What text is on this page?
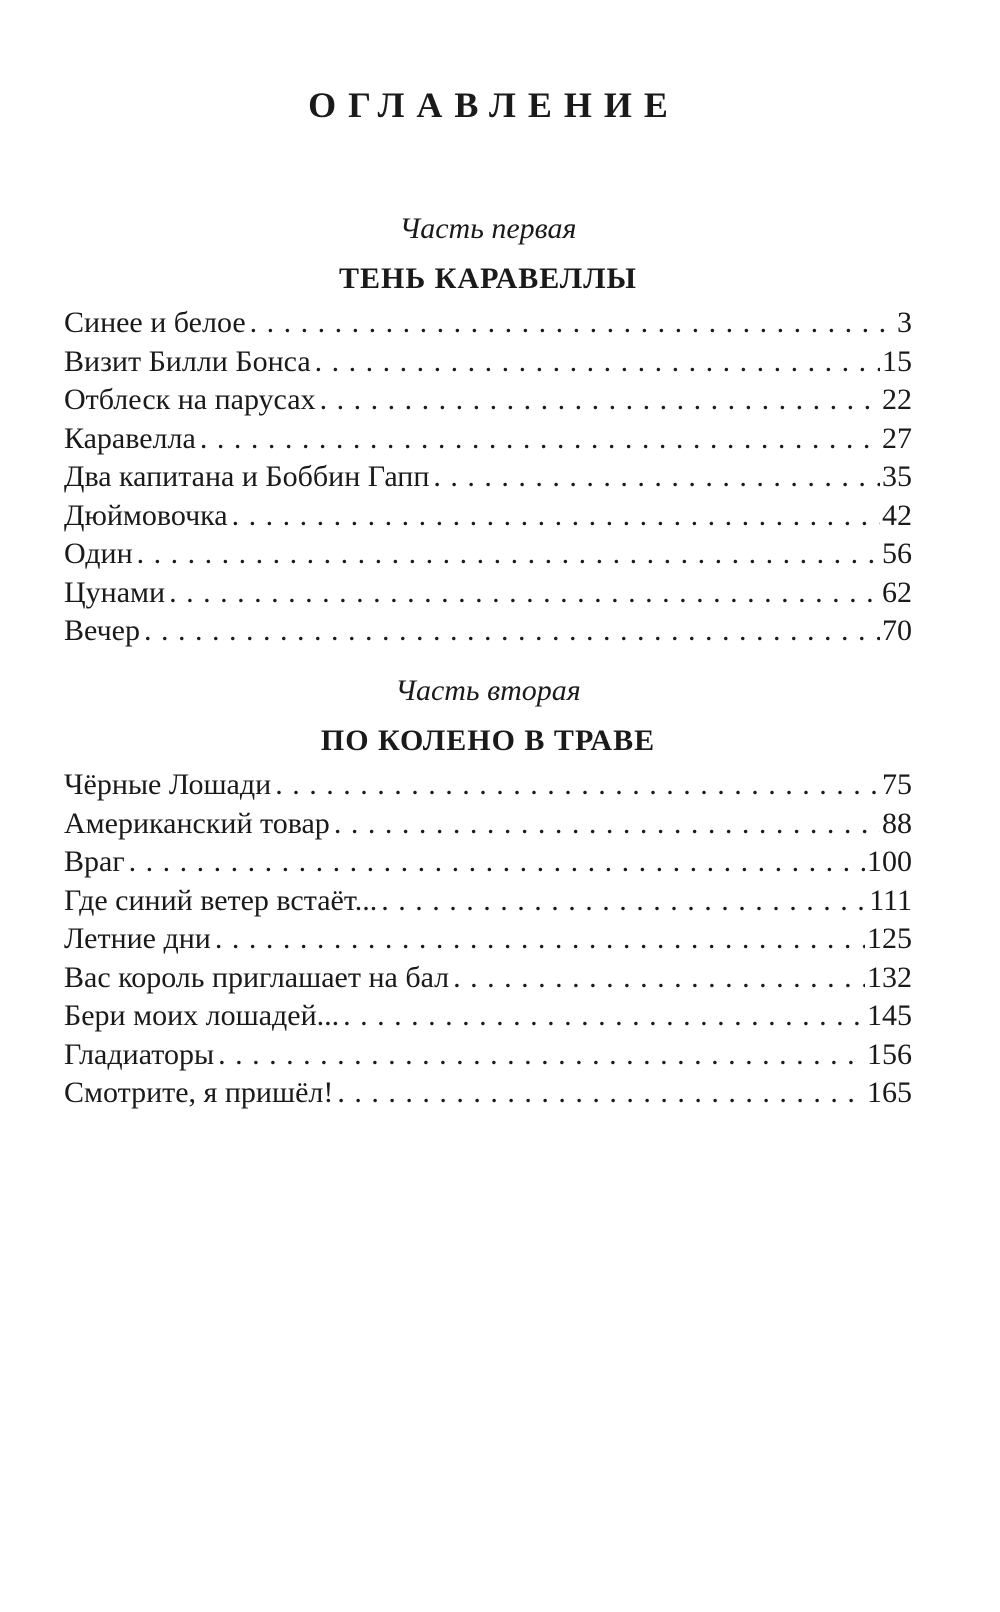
ОГЛАВЛЕНИЕ
Часть первая
ТЕНЬ КАРАВЕЛЛЫ
Синее и белое . . .	3
Визит Билли Бонса . . .	15
Отблеск на парусах . . .	22
Каравелла . . .	27
Два капитана и Боббин Гапп . . .	35
Дюймовочка . . .	42
Один . . .	56
Цунами . . .	62
Вечер . . .	70
Часть вторая
ПО КОЛЕНО В ТРАВЕ
Чёрные Лошади . . .	75
Американский товар . . .	88
Враг . . .	100
Где синий ветер встаёт... . . .	111
Летние дни . . .	125
Вас король приглашает на бал . . .	132
Бери моих лошадей... . . .	145
Гладиаторы . . .	156
Смотрите, я пришёл! . . .	165
